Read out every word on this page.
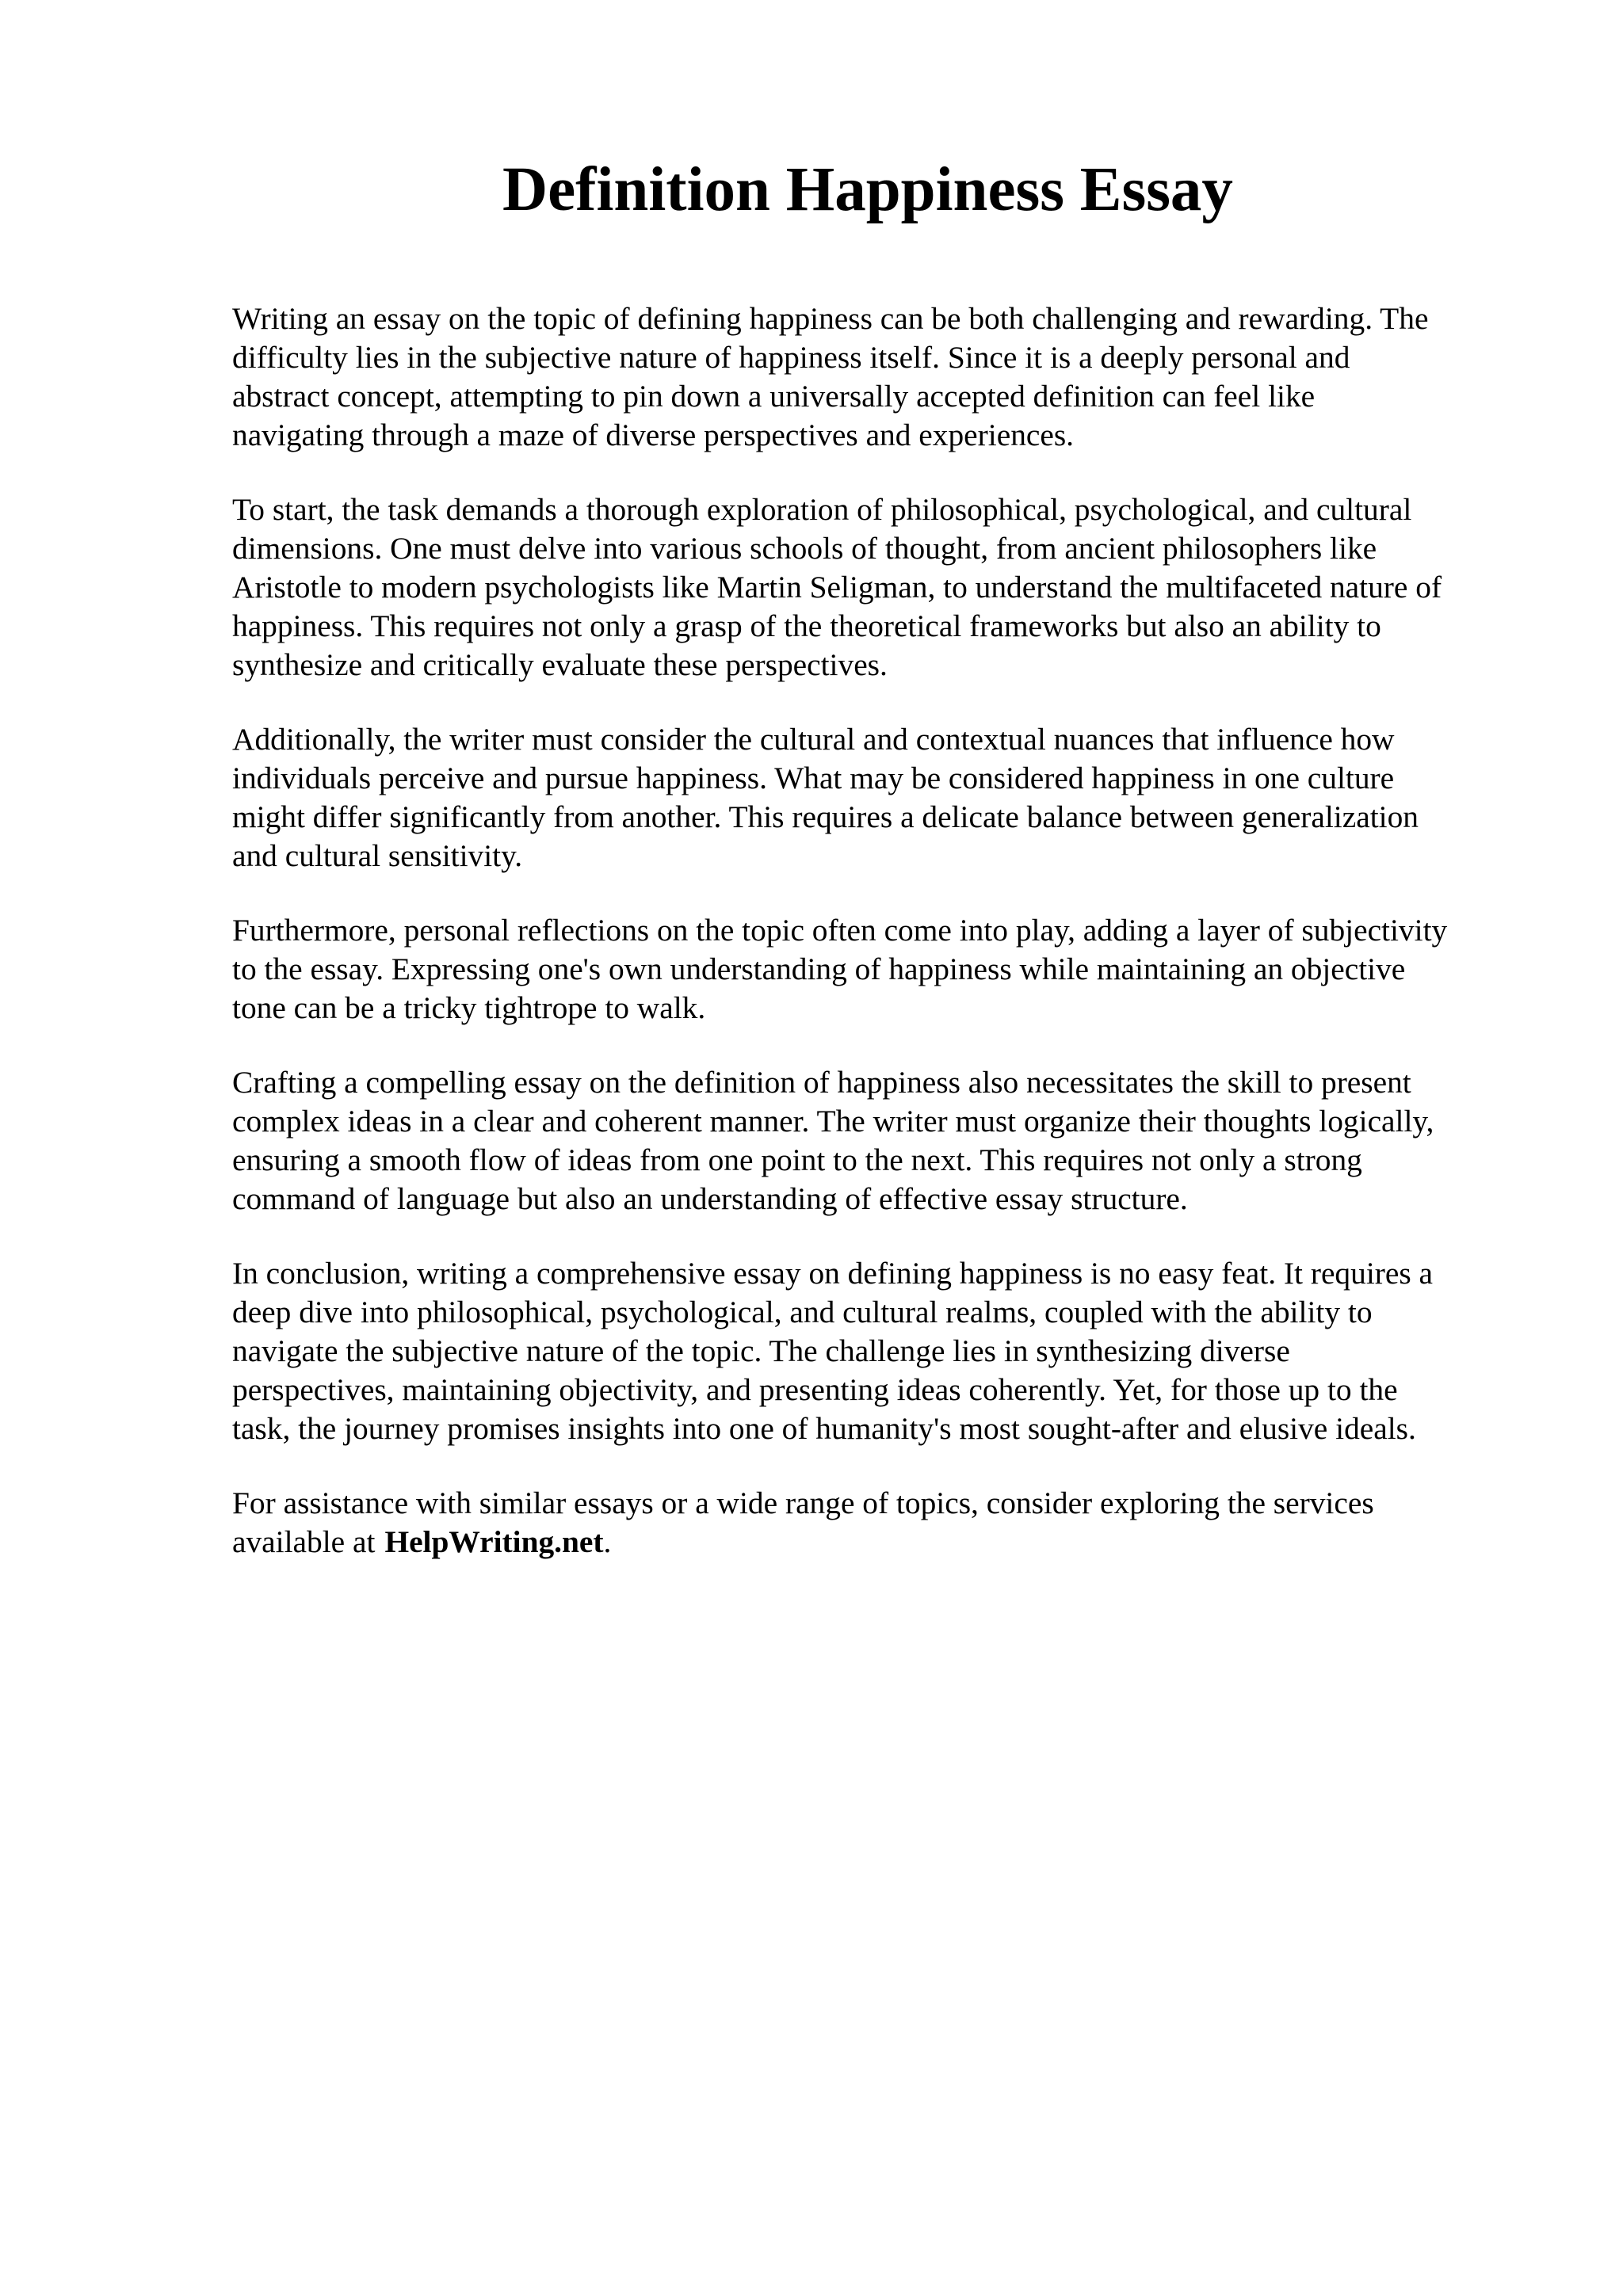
Definition Happiness Essay

Writing an essay on the topic of defining happiness can be both challenging and rewarding. The
difficulty lies in the subjective nature of happiness itself. Since it is a deeply personal and
abstract concept, attempting to pin down a universally accepted definition can feel like
navigating through a maze of diverse perspectives and experiences.

To start, the task demands a thorough exploration of philosophical, psychological, and cultural
dimensions. One must delve into various schools of thought, from ancient philosophers like
Aristotle to modern psychologists like Martin Seligman, to understand the multifaceted nature of
happiness. This requires not only a grasp of the theoretical frameworks but also an ability to
synthesize and critically evaluate these perspectives.

Additionally, the writer must consider the cultural and contextual nuances that influence how
individuals perceive and pursue happiness. What may be considered happiness in one culture
might differ significantly from another. This requires a delicate balance between generalization
and cultural sensitivity.

Furthermore, personal reflections on the topic often come into play, adding a layer of subjectivity
to the essay. Expressing one's own understanding of happiness while maintaining an objective
tone can be a tricky tightrope to walk.

Crafting a compelling essay on the definition of happiness also necessitates the skill to present
complex ideas in a clear and coherent manner. The writer must organize their thoughts logically,
ensuring a smooth flow of ideas from one point to the next. This requires not only a strong
command of language but also an understanding of effective essay structure.

In conclusion, writing a comprehensive essay on defining happiness is no easy feat. It requires a
deep dive into philosophical, psychological, and cultural realms, coupled with the ability to
navigate the subjective nature of the topic. The challenge lies in synthesizing diverse
perspectives, maintaining objectivity, and presenting ideas coherently. Yet, for those up to the
task, the journey promises insights into one of humanity's most sought-after and elusive ideals.

For assistance with similar essays or a wide range of topics, consider exploring the services
available at HelpWriting.net.
